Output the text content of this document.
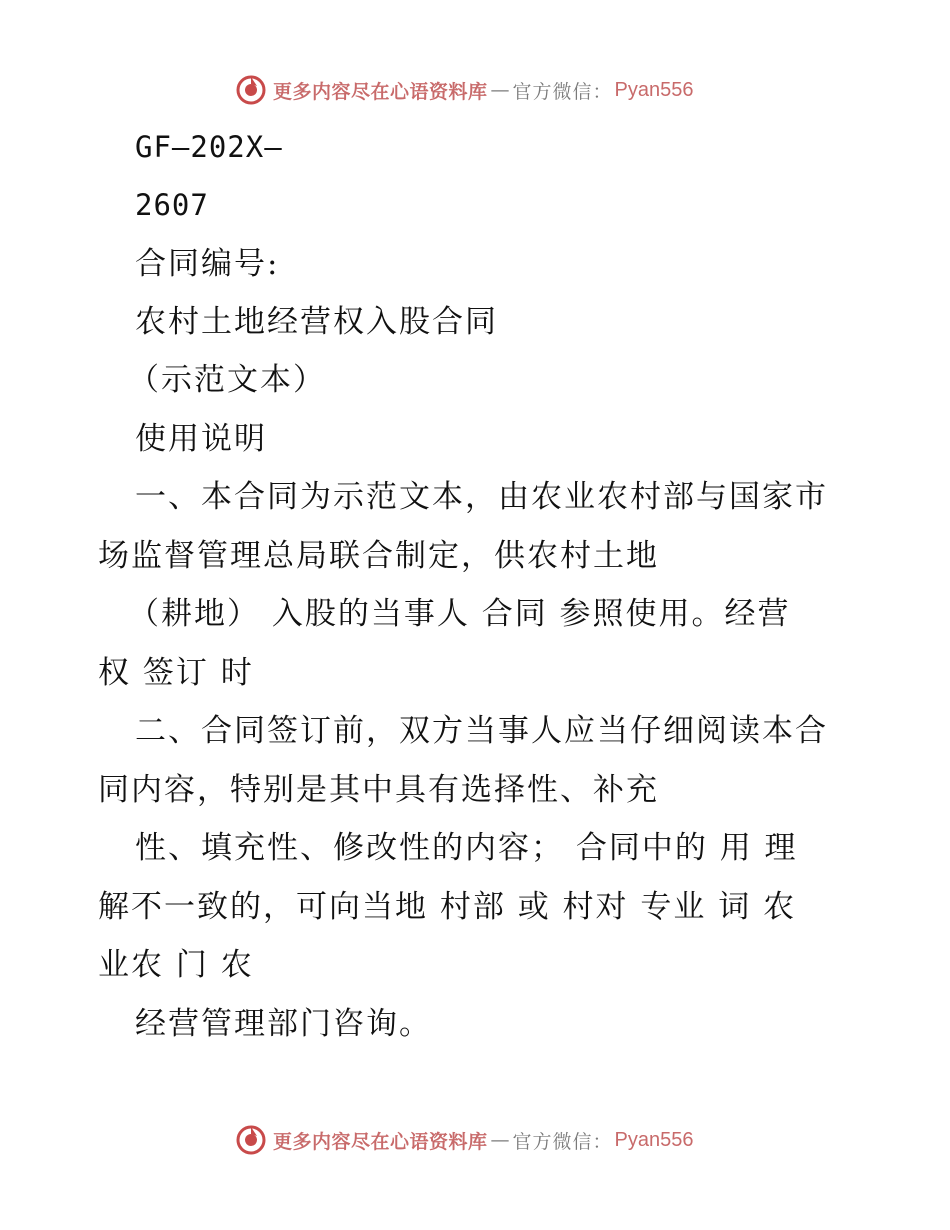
更多内容尽在心语资料库 — 官方微信： Pyan556
GF—202X—
2607
合同编号:
农村土地经营权入股合同
（示范文本）
使用说明
一、本合同为示范文本，由农业农村部与国家市
场监督管理总局联合制定，供农村土地
（耕地） 入股的当事人 合同 参照使用。经营
权 签订 时
二、合同签订前，双方当事人应当仔细阅读本合
同内容，特别是其中具有选择性、补充
性、填充性、修改性的内容； 合同中的 用 理
解不一致的，可向当地 村部 或 村对 专业 词 农
业农 门 农
经营管理部门咨询。
更多内容尽在心语资料库 — 官方微信： Pyan556
